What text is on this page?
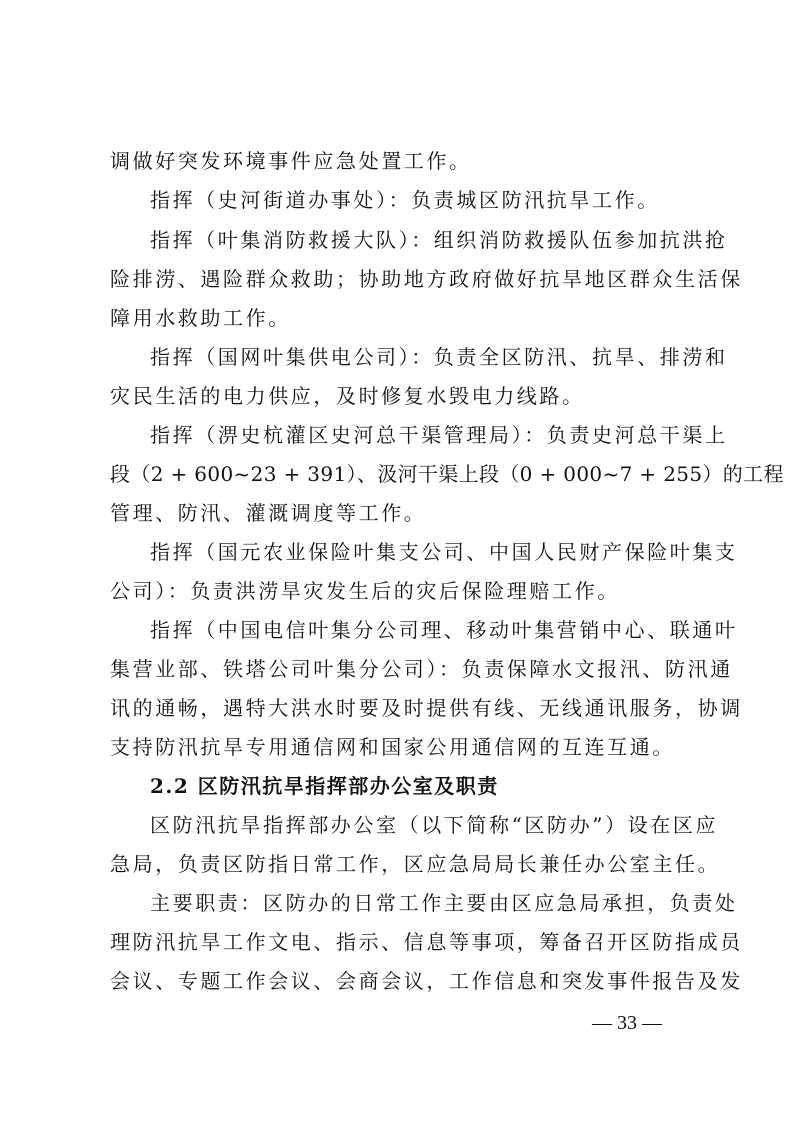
调做好突发环境事件应急处置工作。
指挥（史河街道办事处）：负责城区防汛抗旱工作。
指挥（叶集消防救援大队）：组织消防救援队伍参加抗洪抢
险排涝、遇险群众救助；协助地方政府做好抗旱地区群众生活保
障用水救助工作。
指挥（国网叶集供电公司）：负责全区防汛、抗旱、排涝和
灾民生活的电力供应，及时修复水毁电力线路。
指挥（淠史杭灌区史河总干渠管理局）：负责史河总干渠上
段（2 + 600~23 + 391）、汲河干渠上段（0 + 000~7 + 255）的工程
管理、防汛、灌溉调度等工作。
指挥（国元农业保险叶集支公司、中国人民财产保险叶集支
公司）：负责洪涝旱灾发生后的灾后保险理赔工作。
指挥（中国电信叶集分公司理、移动叶集营销中心、联通叶
集营业部、铁塔公司叶集分公司）：负责保障水文报汛、防汛通
讯的通畅，遇特大洪水时要及时提供有线、无线通讯服务，协调
支持防汛抗旱专用通信网和国家公用通信网的互连互通。
2.2 区防汛抗旱指挥部办公室及职责
区防汛抗旱指挥部办公室（以下简称“区防办”）设在区应
急局，负责区防指日常工作，区应急局局长兼任办公室主任。
主要职责：区防办的日常工作主要由区应急局承担，负责处
理防汛抗旱工作文电、指示、信息等事项，筹备召开区防指成员
会议、专题工作会议、会商会议，工作信息和突发事件报告及发
— 33 —
